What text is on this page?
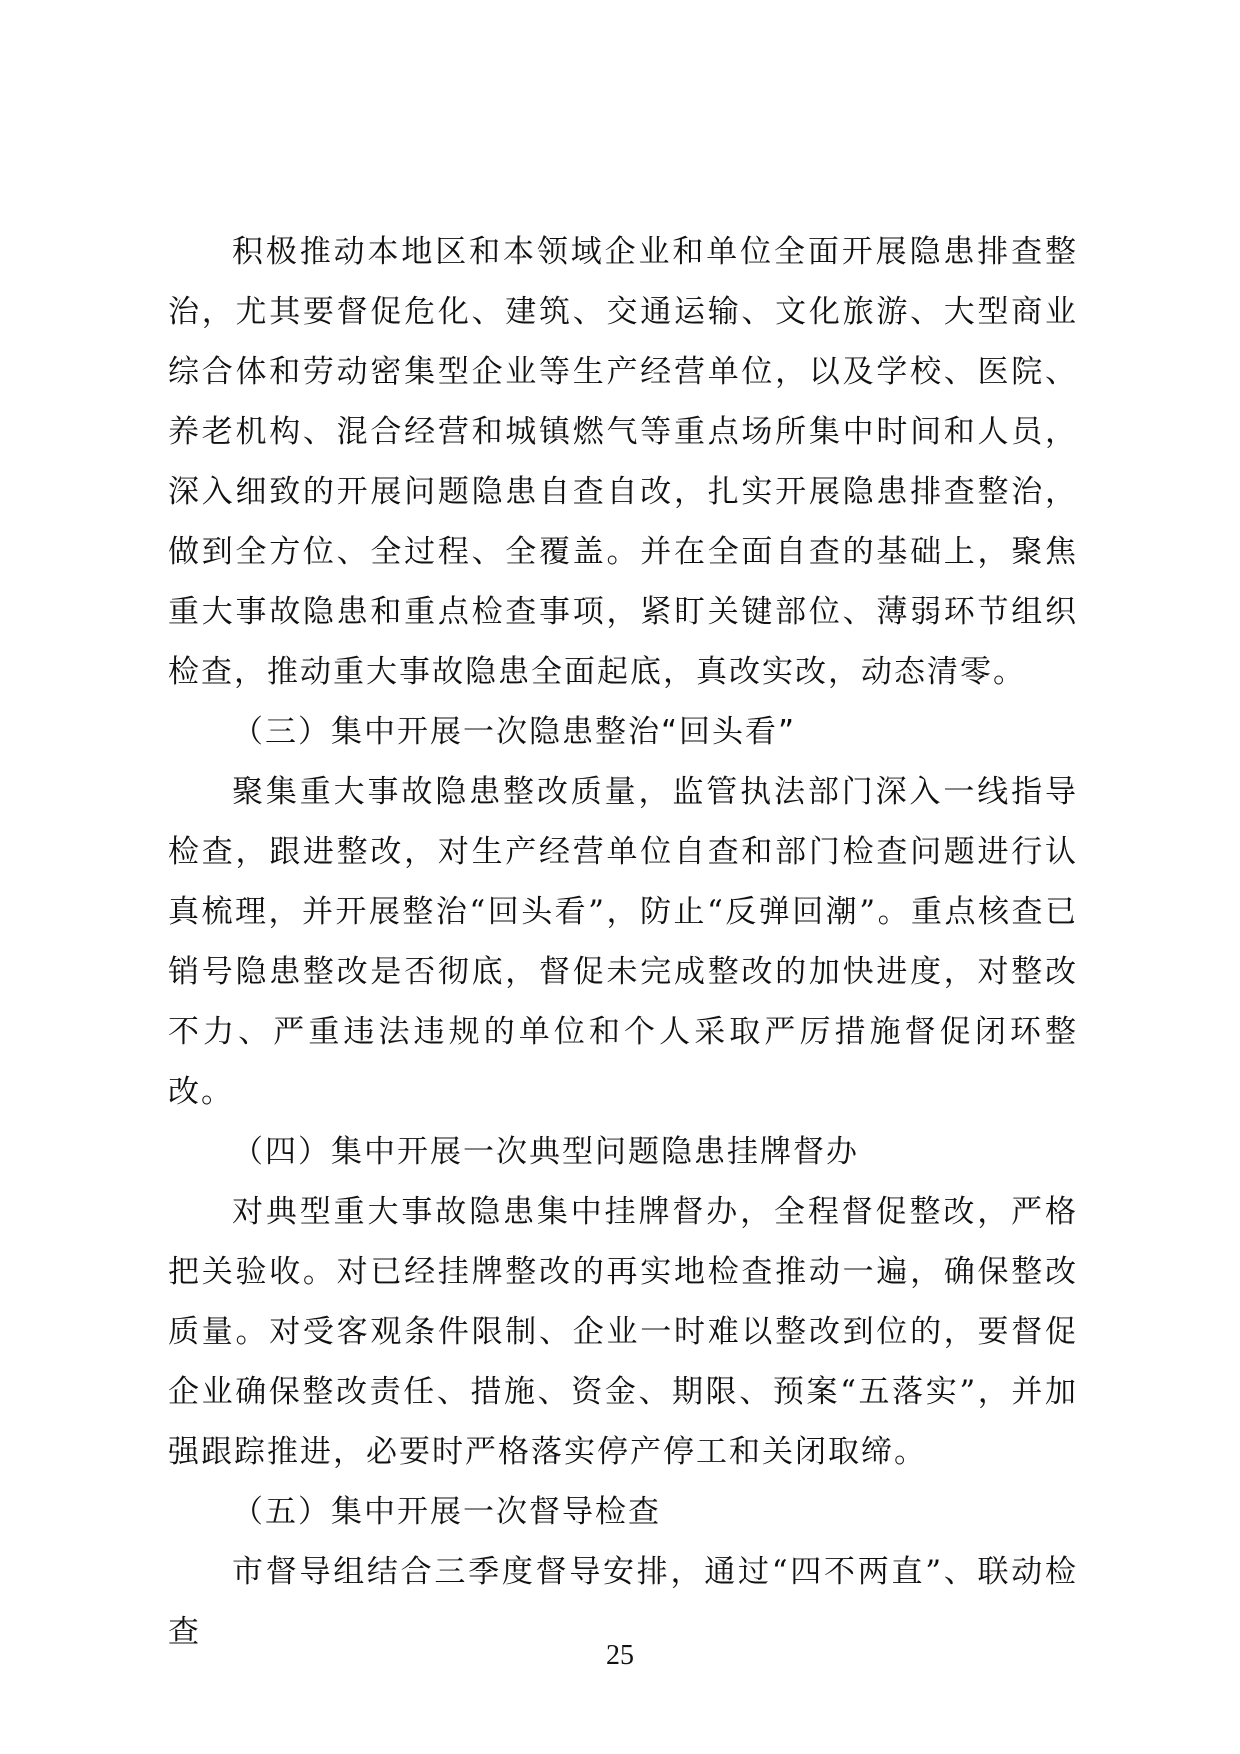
积极推动本地区和本领域企业和单位全面开展隐患排查整治，尤其要督促危化、建筑、交通运输、文化旅游、大型商业综合体和劳动密集型企业等生产经营单位，以及学校、医院、养老机构、混合经营和城镇燃气等重点场所集中时间和人员，深入细致的开展问题隐患自查自改，扎实开展隐患排查整治，做到全方位、全过程、全覆盖。并在全面自查的基础上，聚焦重大事故隐患和重点检查事项，紧盯关键部位、薄弱环节组织检查，推动重大事故隐患全面起底，真改实改，动态清零。

（三）集中开展一次隐患整治“回头看”

聚集重大事故隐患整改质量，监管执法部门深入一线指导检查，跟进整改，对生产经营单位自查和部门检查问题进行认真梳理，并开展整治“回头看”，防止“反弹回潮”。重点核查已销号隐患整改是否彻底，督促未完成整改的加快进度，对整改不力、严重违法违规的单位和个人采取严厉措施督促闭环整改。

（四）集中开展一次典型问题隐患挂牌督办

对典型重大事故隐患集中挂牌督办，全程督促整改，严格把关验收。对已经挂牌整改的再实地检查推动一遍，确保整改质量。对受客观条件限制、企业一时难以整改到位的，要督促企业确保整改责任、措施、资金、期限、预案“五落实”，并加强跟踪推进，必要时严格落实停产停工和关闭取缔。

（五）集中开展一次督导检查

市督导组结合三季度督导安排，通过“四不两直”、联动检查

25
